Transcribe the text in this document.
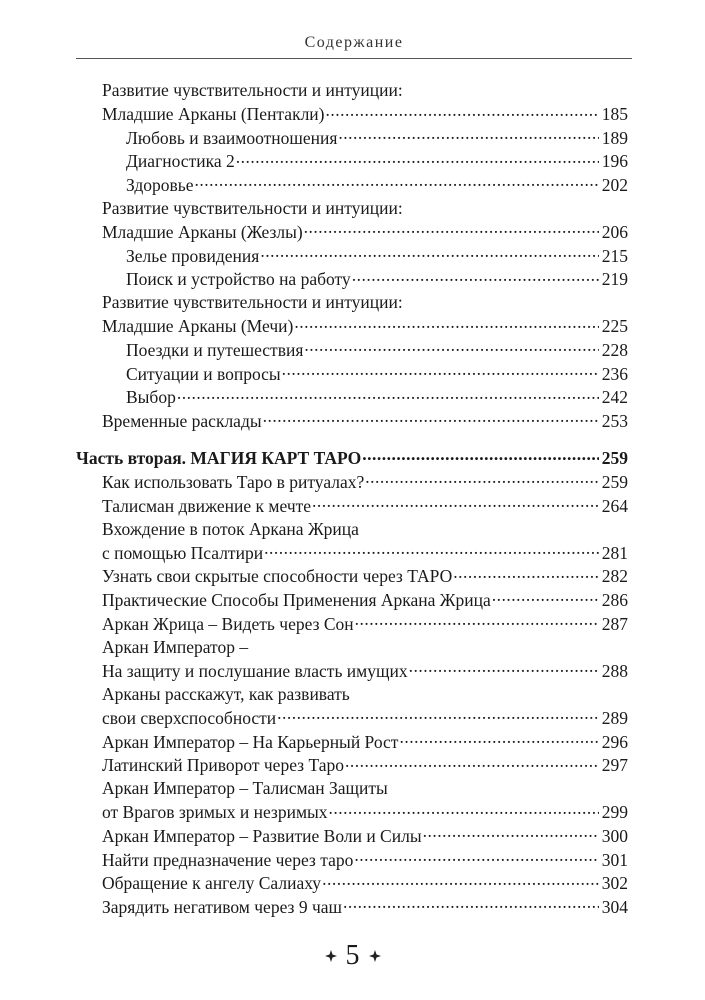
Содержание
Развитие чувствительности и интуиции:
Младшие Арканы (Пентакли) .....	185
Любовь и взаимоотношения .....	189
Диагностика 2 .....	196
Здоровье .....	202
Развитие чувствительности и интуиции:
Младшие Арканы (Жезлы) .....	206
Зелье провидения .....	215
Поиск и устройство на работу .....	219
Развитие чувствительности и интуиции:
Младшие Арканы (Мечи) .....	225
Поездки и путешествия .....	228
Ситуации и вопросы .....	236
Выбор .....	242
Временные расклады .....	253
Часть вторая. МАГИЯ КАРТ ТАРО .....	259
Как использовать Таро в ритуалах? .....	259
Талисман движение к мечте .....	264
Вхождение в поток Аркана Жрица
с помощью Псалтири .....	281
Узнать свои скрытые способности через ТАРО .....	282
Практические Способы Применения Аркана Жрица .....	286
Аркан Жрица – Видеть через Сон .....	287
Аркан Император –
На защиту и послушание власть имущих .....	288
Арканы расскажут, как развивать
свои сверхспособности .....	289
Аркан Император – На Карьерный Рост .....	296
Латинский Приворот через Таро .....	297
Аркан Император – Талисман Защиты
от Врагов зримых и незримых .....	299
Аркан Император – Развитие Воли и Силы .....	300
Найти предназначение через таро .....	301
Обращение к ангелу Салиаху .....	302
Зарядить негативом через 9 чаш .....	304
5
